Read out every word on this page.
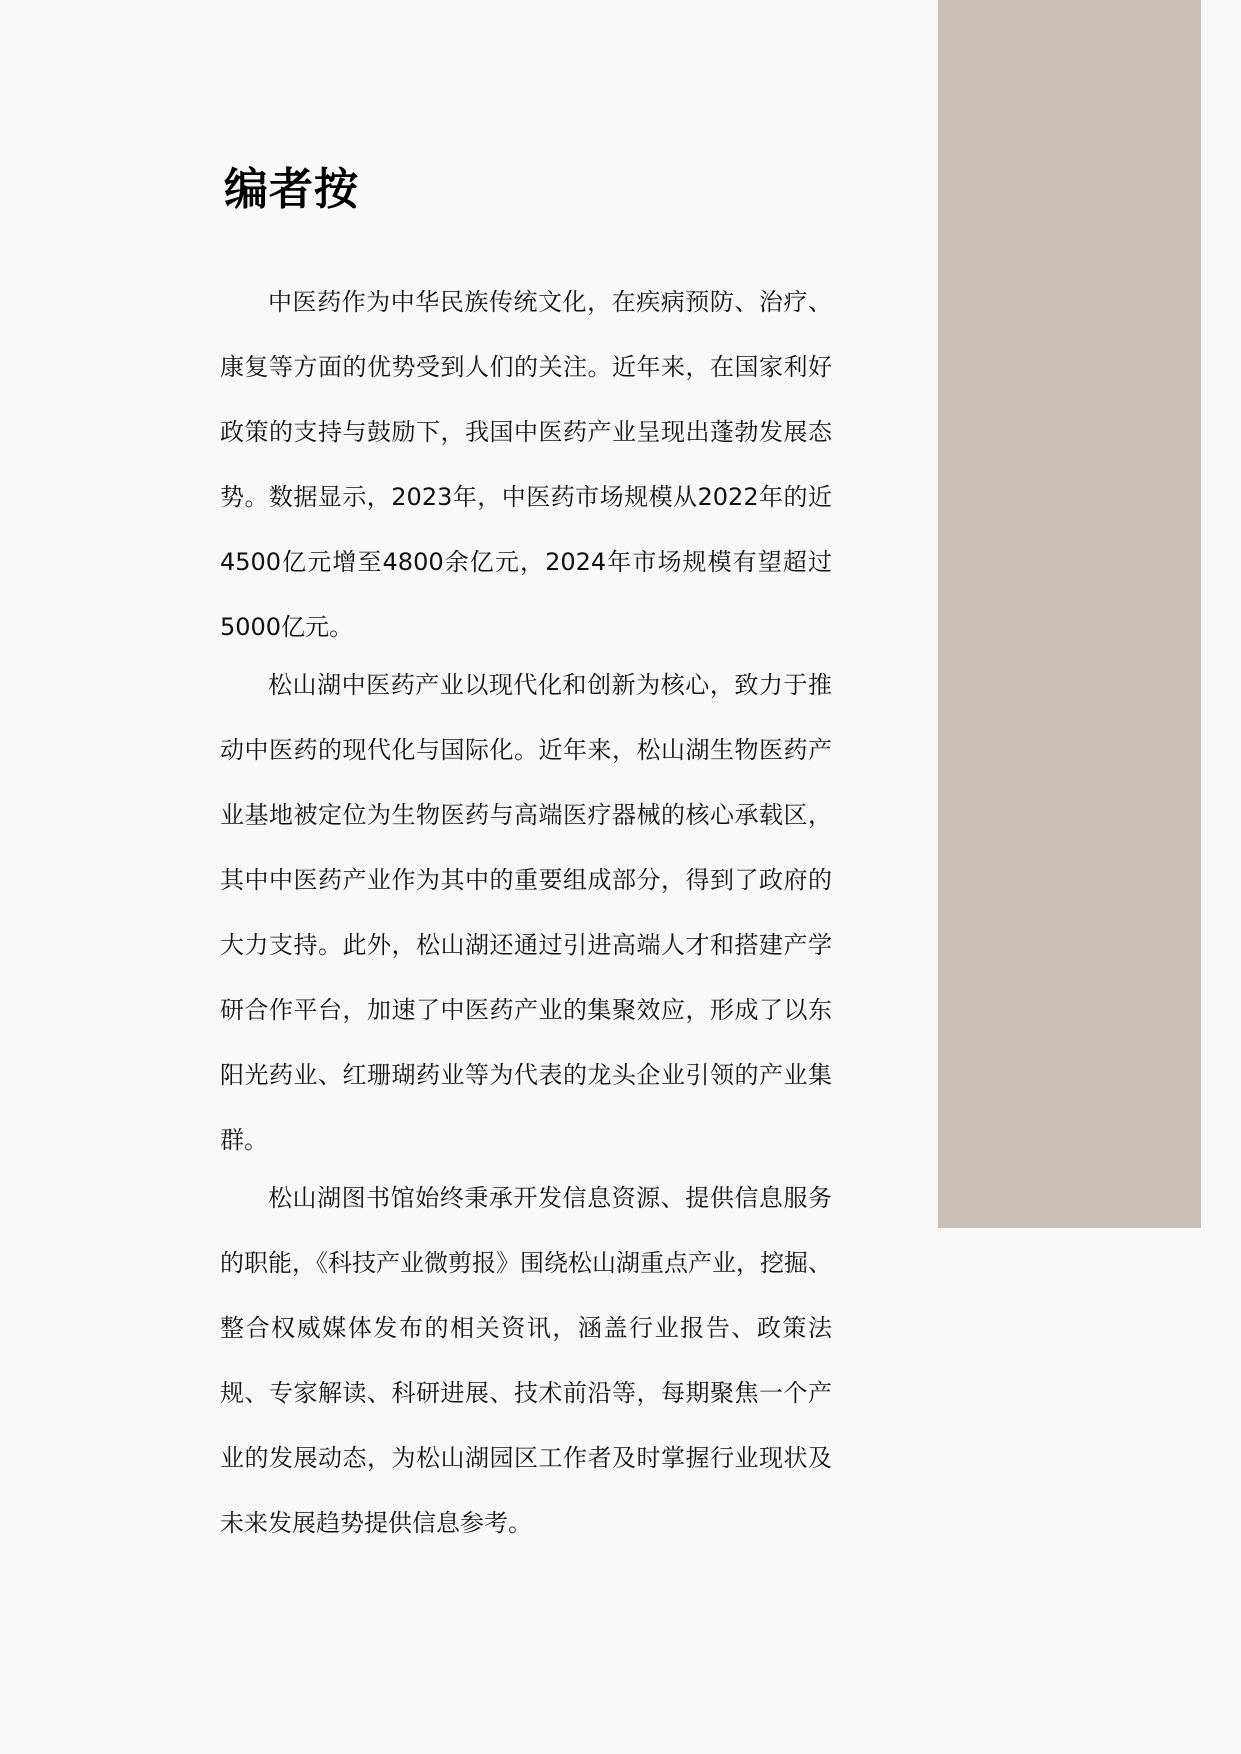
编者按

中医药作为中华民族传统文化，在疾病预防、治疗、康复等方面的优势受到人们的关注。近年来，在国家利好政策的支持与鼓励下，我国中医药产业呈现出蓬勃发展态势。数据显示，2023年，中医药市场规模从2022年的近4500亿元增至4800余亿元，2024年市场规模有望超过5000亿元。

松山湖中医药产业以现代化和创新为核心，致力于推动中医药的现代化与国际化。近年来，松山湖生物医药产业基地被定位为生物医药与高端医疗器械的核心承载区，其中中医药产业作为其中的重要组成部分，得到了政府的大力支持。此外，松山湖还通过引进高端人才和搭建产学研合作平台，加速了中医药产业的集聚效应，形成了以东阳光药业、红珊瑚药业等为代表的龙头企业引领的产业集群。

松山湖图书馆始终秉承开发信息资源、提供信息服务的职能，《科技产业微剪报》围绕松山湖重点产业，挖掘、整合权威媒体发布的相关资讯，涵盖行业报告、政策法规、专家解读、科研进展、技术前沿等，每期聚焦一个产业的发展动态，为松山湖园区工作者及时掌握行业现状及未来发展趋势提供信息参考。
